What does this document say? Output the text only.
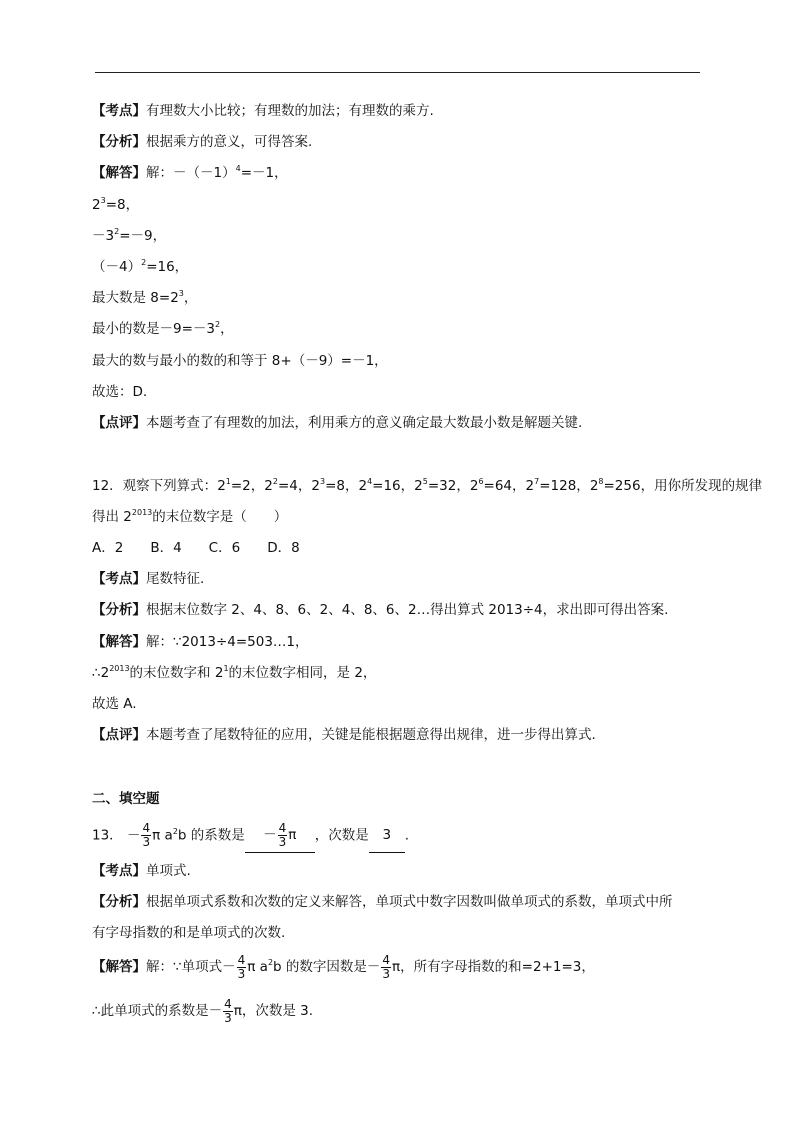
【考点】有理数大小比较；有理数的加法；有理数的乘方.
【分析】根据乘方的意义，可得答案.
【解答】解：$-(-1)^4=-1$，
$2^3=8$，
$-3^2=-9$，
$(-4)^2=16$，
最大数是 $8=2^3$，
最小的数是$-9=-3^2$，
最大的数与最小的数的和等于 8+（－9）=－1，
故选：D.
【点评】本题考查了有理数的加法，利用乘方的意义确定最大数最小数是解题关键.
12．观察下列算式：$2^1=2$，$2^2=4$，$2^3=8$，$2^4=16$，$2^5=32$，$2^6=64$，$2^7=128$，$2^8=256$，用你所发现的规律
得出 $2^{2013}$的末位数字是（　　）
A．2　　B．4　　C．6　　D．8
【考点】尾数特征.
【分析】根据末位数字 2、4、8、6、2、4、8、6、2…得出算式 2013÷4，求出即可得出答案.
【解答】解：∵2013÷4=503…1，
$\therefore 2^{2013}$的末位数字和 $2^1$的末位数字相同，是 2，
故选 A.
【点评】本题考查了尾数特征的应用，关键是能根据题意得出规律，进一步得出算式.
二、填空题
13． － $\frac{4}{3}$ π $a^2b$ 的系数是 － $\frac{4}{3}$ π ，次数是 3 .
【考点】单项式.
【分析】根据单项式系数和次数的定义来解答，单项式中数字因数叫做单项式的系数，单项式中所
有字母指数的和是单项式的次数.
【解答】解：∵单项式－ $\frac{4}{3}$ π $a^2b$ 的数字因数是－ $\frac{4}{3}$ π，所有字母指数的和=2+1=3，
∴此单项式的系数是－ $\frac{4}{3}$ π，次数是 3.
